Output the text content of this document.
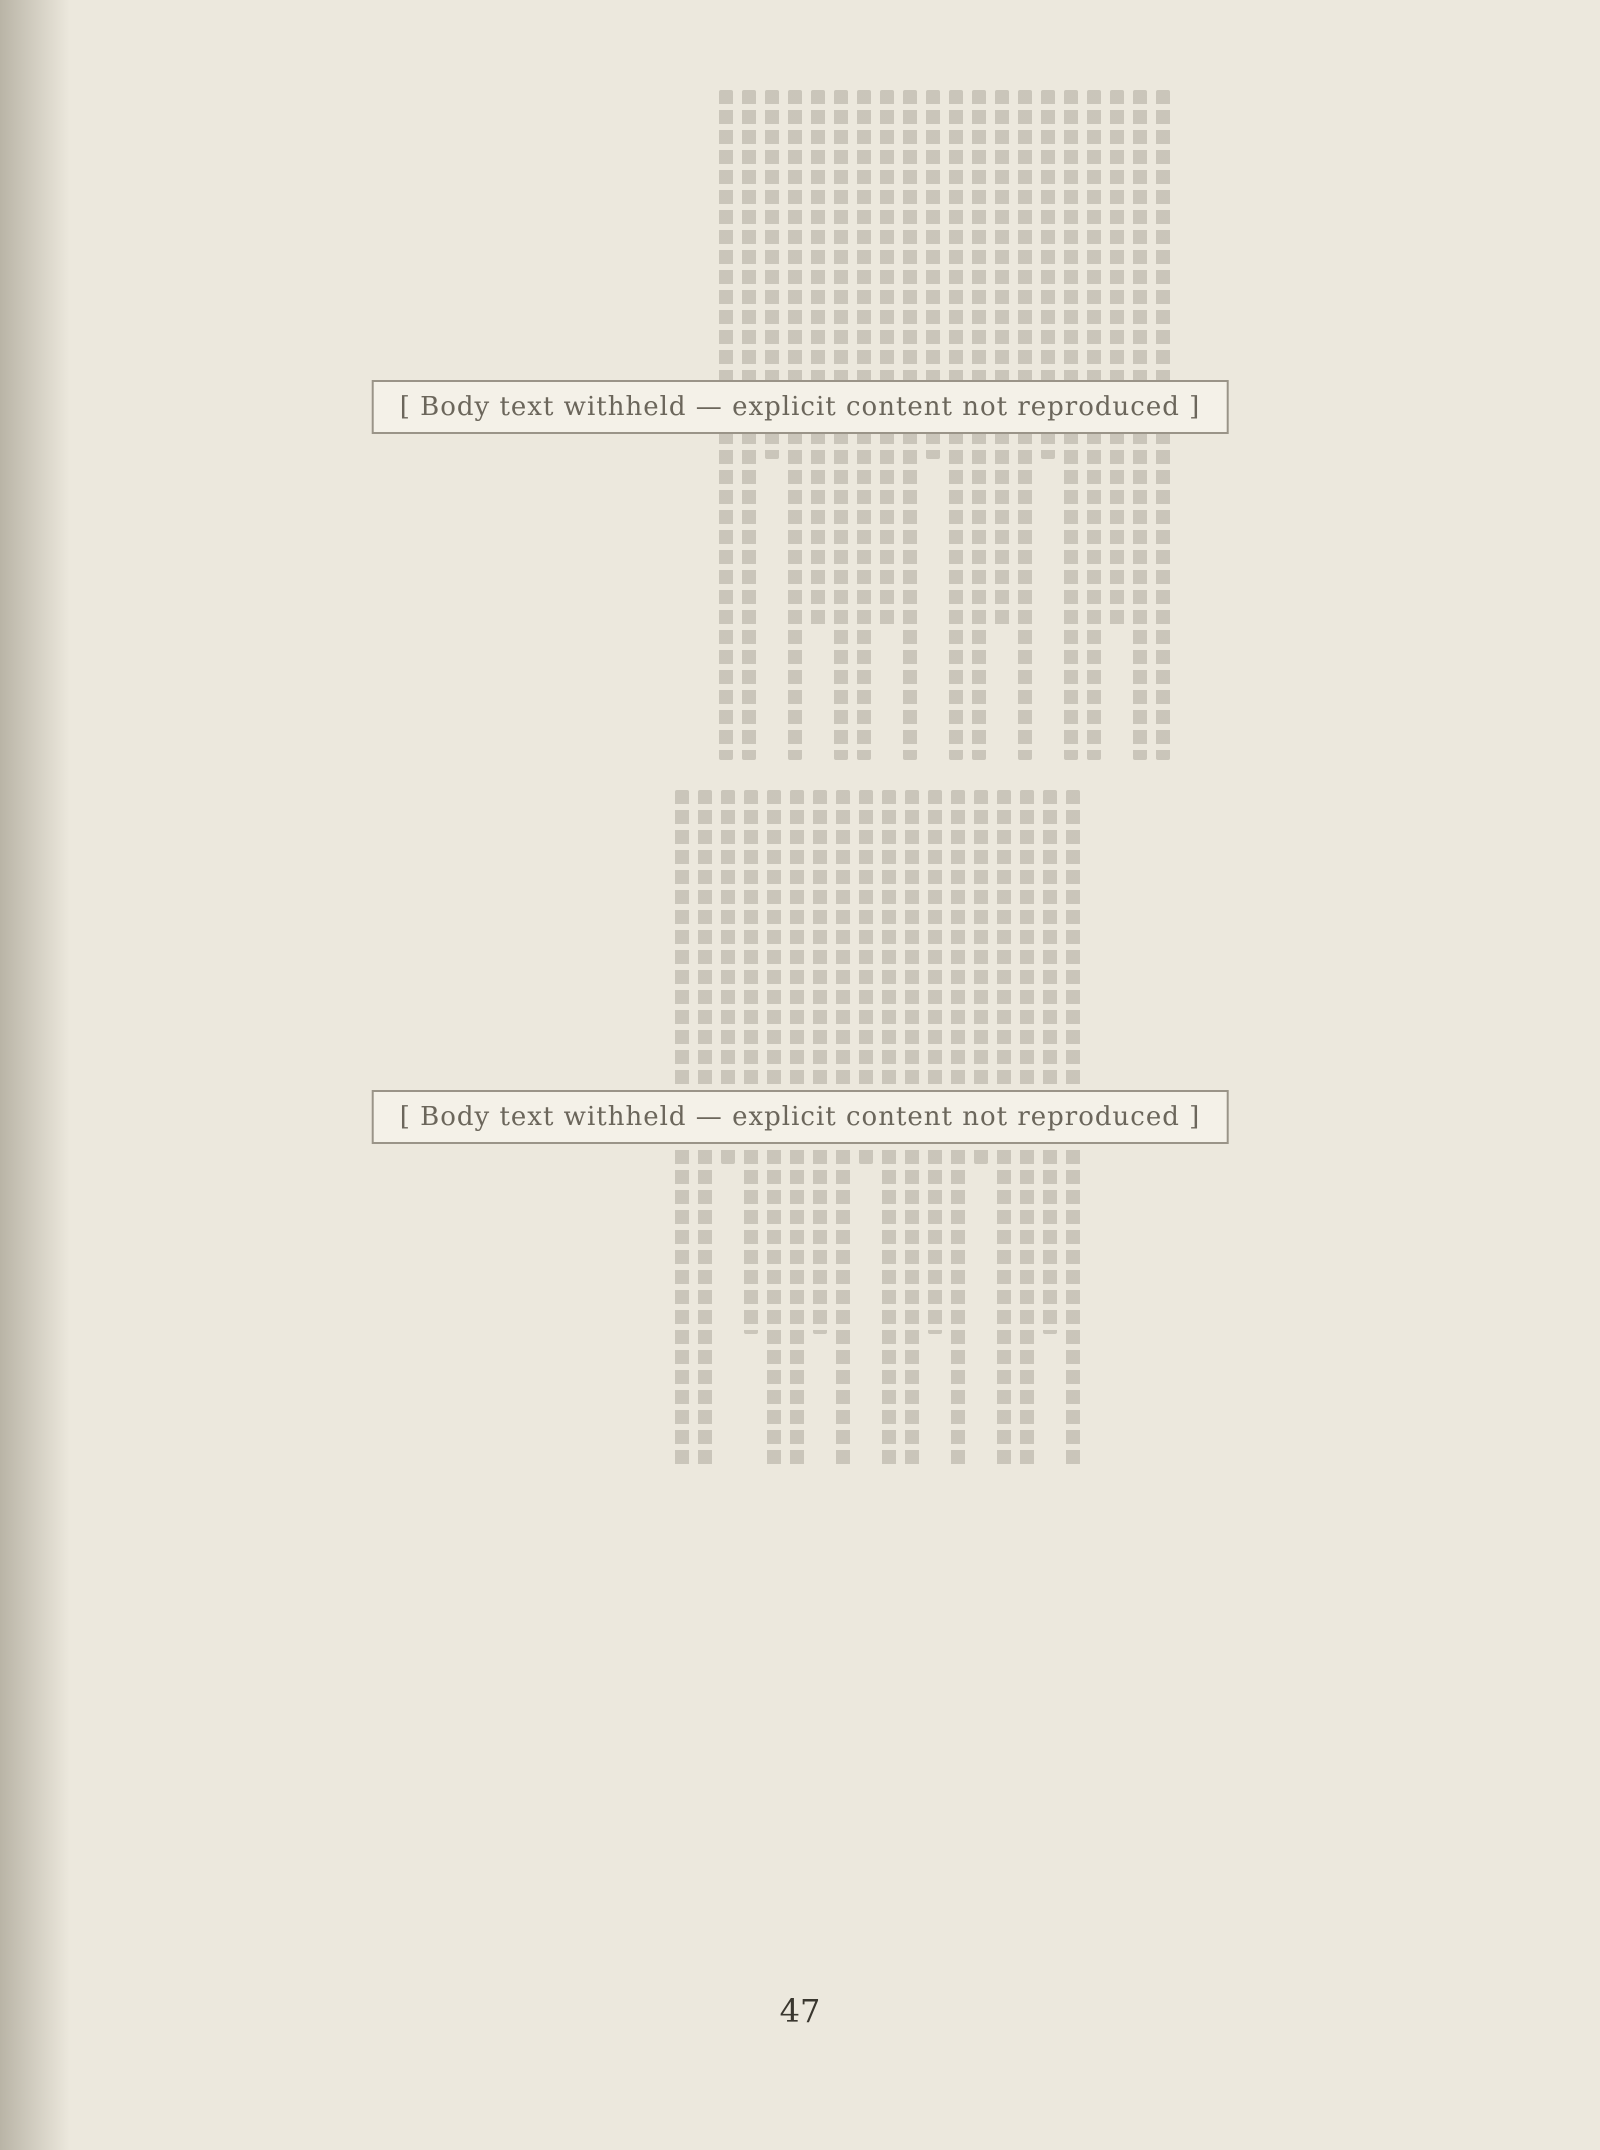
[ Body text withheld — explicit content not reproduced ]
[ Body text withheld — explicit content not reproduced ]
47
